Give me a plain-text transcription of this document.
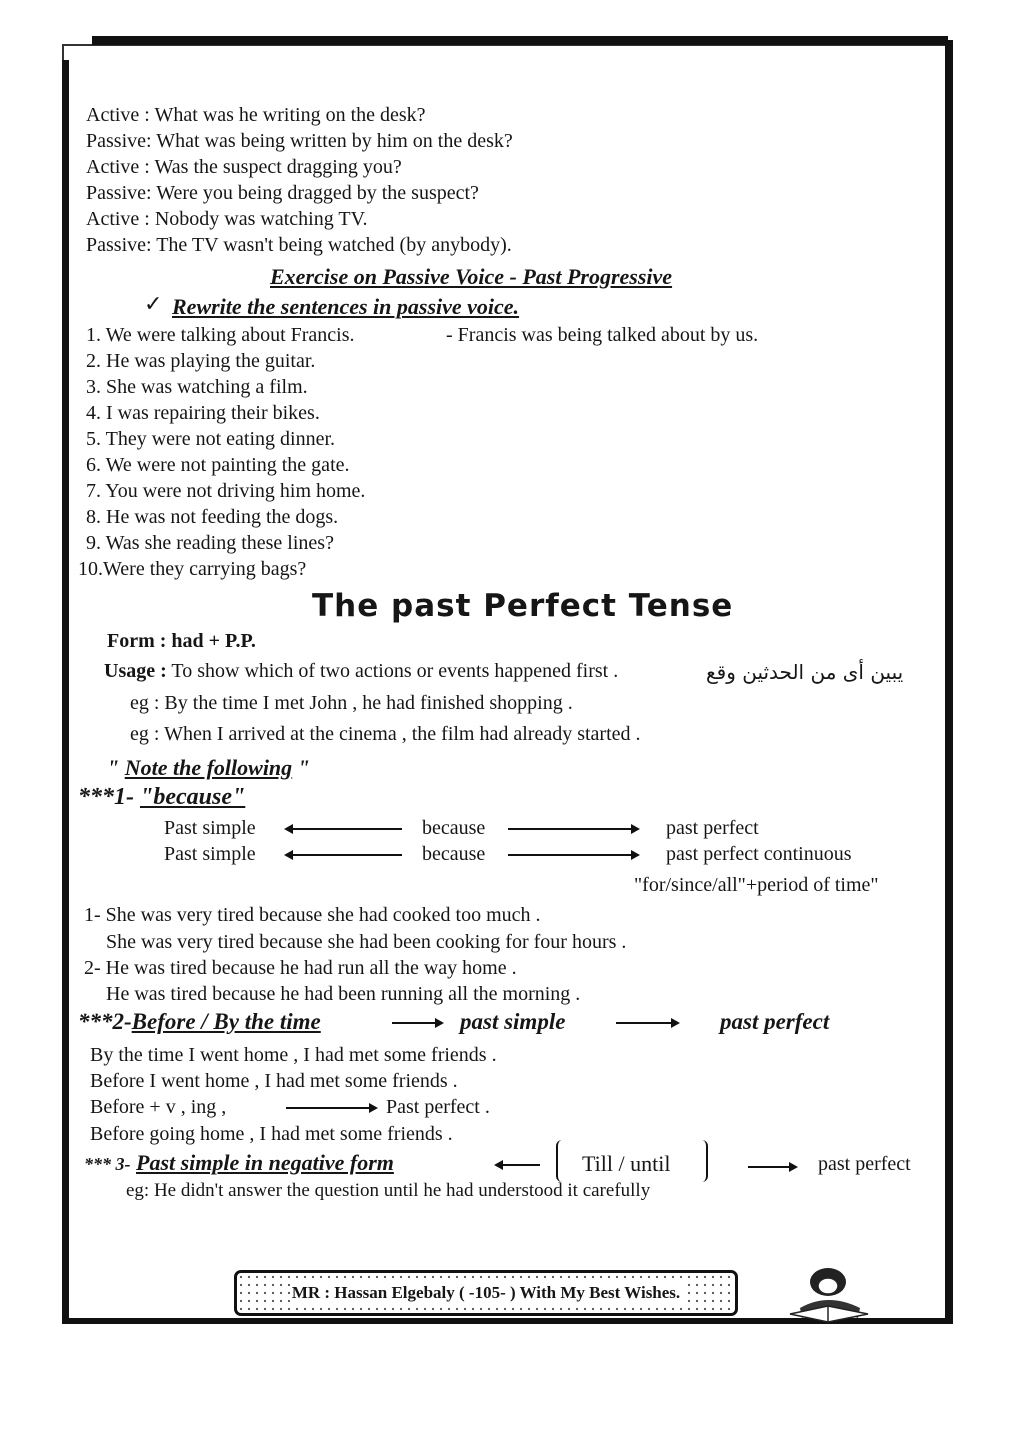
Active : What was he writing on the desk?
Passive: What was being written by him on the desk?
Active : Was the suspect dragging you?
Passive: Were you being dragged by the suspect?
Active : Nobody was watching TV.
Passive: The TV wasn't being watched (by anybody).
Exercise on Passive Voice - Past Progressive
✓ Rewrite the sentences in passive voice.
1. We were talking about Francis.	- Francis was being talked about by us.
2. He was playing the guitar.
3. She was watching a film.
4. I was repairing their bikes.
5. They were not eating dinner.
6. We were not painting the gate.
7. You were not driving him home.
8. He was not feeding the dogs.
9. Was she reading these lines?
10.Were they carrying bags?
The past Perfect Tense
Form : had + P.P.
Usage : To show which of two actions or events happened first .	يبين أى من الحدثين وقع
eg : By the time I met John , he had finished shopping .
eg : When I arrived at the cinema , the film had already started .
" Note the following "
***1- "because"
Past simple	because	past perfect
Past simple	because	past perfect continuous
"for/since/all"+period of time"
1- She was very tired because she had cooked too much .
She was very tired because she had been cooking for four hours .
2- He was tired because he had run all the way home .
He was tired because he had been running all the morning .
***2-Before / By the time	past simple	past perfect
By the time I went home , I had met some friends .
Before I went home , I had met some friends .
Before + v , ing ,	Past perfect .
Before going home , I had met some friends .
*** 3- Past simple in negative form	Till / until	past perfect
eg: He didn't answer the question until he had understood it carefully
MR : Hassan Elgebaly ( -105- ) With My Best Wishes.
